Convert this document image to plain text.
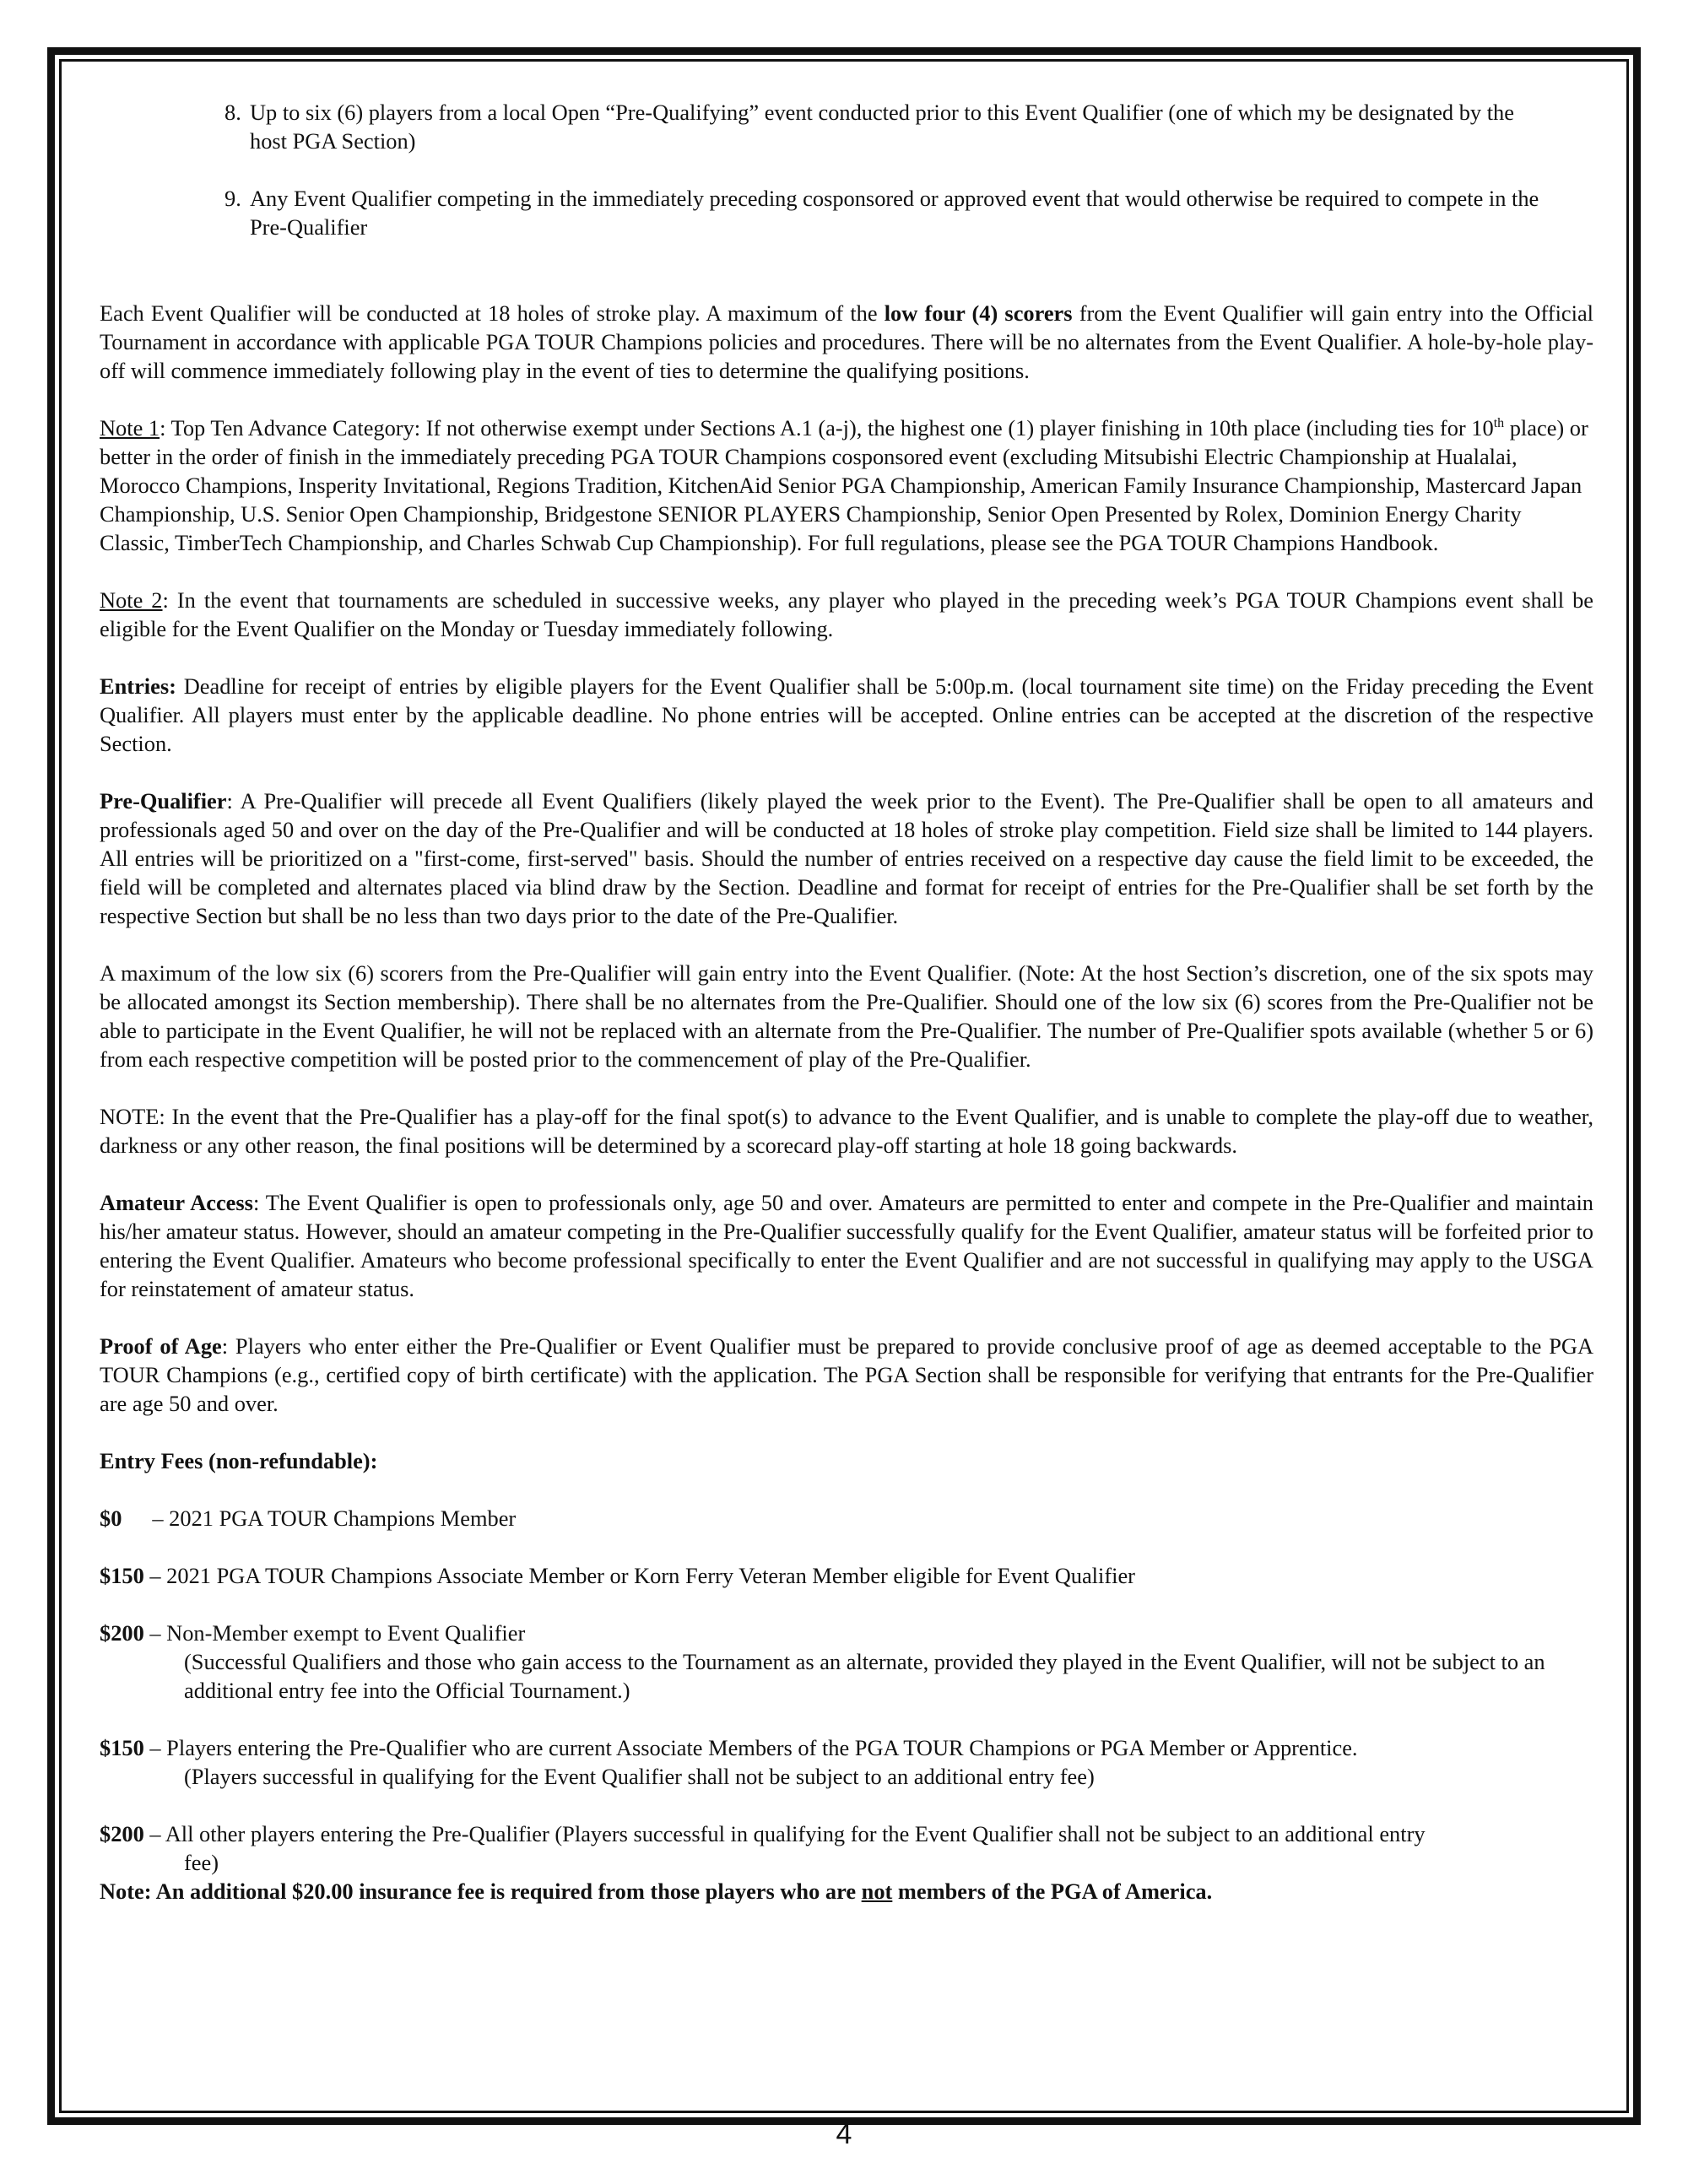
8. Up to six (6) players from a local Open “Pre-Qualifying” event conducted prior to this Event Qualifier (one of which my be designated by the host PGA Section)
9. Any Event Qualifier competing in the immediately preceding cosponsored or approved event that would otherwise be required to compete in the Pre-Qualifier

Each Event Qualifier will be conducted at 18 holes of stroke play. A maximum of the low four (4) scorers from the Event Qualifier will gain entry into the Official Tournament in accordance with applicable PGA TOUR Champions policies and procedures. There will be no alternates from the Event Qualifier. A hole-by-hole play-off will commence immediately following play in the event of ties to determine the qualifying positions.

Note 1: Top Ten Advance Category: If not otherwise exempt under Sections A.1 (a-j), the highest one (1) player finishing in 10th place (including ties for 10th place) or better in the order of finish in the immediately preceding PGA TOUR Champions cosponsored event (excluding Mitsubishi Electric Championship at Hualalai, Morocco Champions, Insperity Invitational, Regions Tradition, KitchenAid Senior PGA Championship, American Family Insurance Championship, Mastercard Japan Championship, U.S. Senior Open Championship, Bridgestone SENIOR PLAYERS Championship, Senior Open Presented by Rolex, Dominion Energy Charity Classic, TimberTech Championship, and Charles Schwab Cup Championship). For full regulations, please see the PGA TOUR Champions Handbook.

Note 2: In the event that tournaments are scheduled in successive weeks, any player who played in the preceding week’s PGA TOUR Champions event shall be eligible for the Event Qualifier on the Monday or Tuesday immediately following.

Entries: Deadline for receipt of entries by eligible players for the Event Qualifier shall be 5:00p.m. (local tournament site time) on the Friday preceding the Event Qualifier. All players must enter by the applicable deadline. No phone entries will be accepted. Online entries can be accepted at the discretion of the respective Section.

Pre-Qualifier: A Pre-Qualifier will precede all Event Qualifiers (likely played the week prior to the Event). The Pre-Qualifier shall be open to all amateurs and professionals aged 50 and over on the day of the Pre-Qualifier and will be conducted at 18 holes of stroke play competition. Field size shall be limited to 144 players. All entries will be prioritized on a "first-come, first-served" basis. Should the number of entries received on a respective day cause the field limit to be exceeded, the field will be completed and alternates placed via blind draw by the Section. Deadline and format for receipt of entries for the Pre-Qualifier shall be set forth by the respective Section but shall be no less than two days prior to the date of the Pre-Qualifier.

A maximum of the low six (6) scorers from the Pre-Qualifier will gain entry into the Event Qualifier. (Note: At the host Section’s discretion, one of the six spots may be allocated amongst its Section membership). There shall be no alternates from the Pre-Qualifier. Should one of the low six (6) scores from the Pre-Qualifier not be able to participate in the Event Qualifier, he will not be replaced with an alternate from the Pre-Qualifier. The number of Pre-Qualifier spots available (whether 5 or 6) from each respective competition will be posted prior to the commencement of play of the Pre-Qualifier.

NOTE: In the event that the Pre-Qualifier has a play-off for the final spot(s) to advance to the Event Qualifier, and is unable to complete the play-off due to weather, darkness or any other reason, the final positions will be determined by a scorecard play-off starting at hole 18 going backwards.

Amateur Access: The Event Qualifier is open to professionals only, age 50 and over. Amateurs are permitted to enter and compete in the Pre-Qualifier and maintain his/her amateur status. However, should an amateur competing in the Pre-Qualifier successfully qualify for the Event Qualifier, amateur status will be forfeited prior to entering the Event Qualifier. Amateurs who become professional specifically to enter the Event Qualifier and are not successful in qualifying may apply to the USGA for reinstatement of amateur status.

Proof of Age: Players who enter either the Pre-Qualifier or Event Qualifier must be prepared to provide conclusive proof of age as deemed acceptable to the PGA TOUR Champions (e.g., certified copy of birth certificate) with the application. The PGA Section shall be responsible for verifying that entrants for the Pre-Qualifier are age 50 and over.

Entry Fees (non-refundable):

$0 – 2021 PGA TOUR Champions Member
$150 – 2021 PGA TOUR Champions Associate Member or Korn Ferry Veteran Member eligible for Event Qualifier
$200 – Non-Member exempt to Event Qualifier
(Successful Qualifiers and those who gain access to the Tournament as an alternate, provided they played in the Event Qualifier, will not be subject to an additional entry fee into the Official Tournament.)
$150 – Players entering the Pre-Qualifier who are current Associate Members of the PGA TOUR Champions or PGA Member or Apprentice.
(Players successful in qualifying for the Event Qualifier shall not be subject to an additional entry fee)
$200 – All other players entering the Pre-Qualifier (Players successful in qualifying for the Event Qualifier shall not be subject to an additional entry
fee)

Note: An additional $20.00 insurance fee is required from those players who are not members of the PGA of America.

4
